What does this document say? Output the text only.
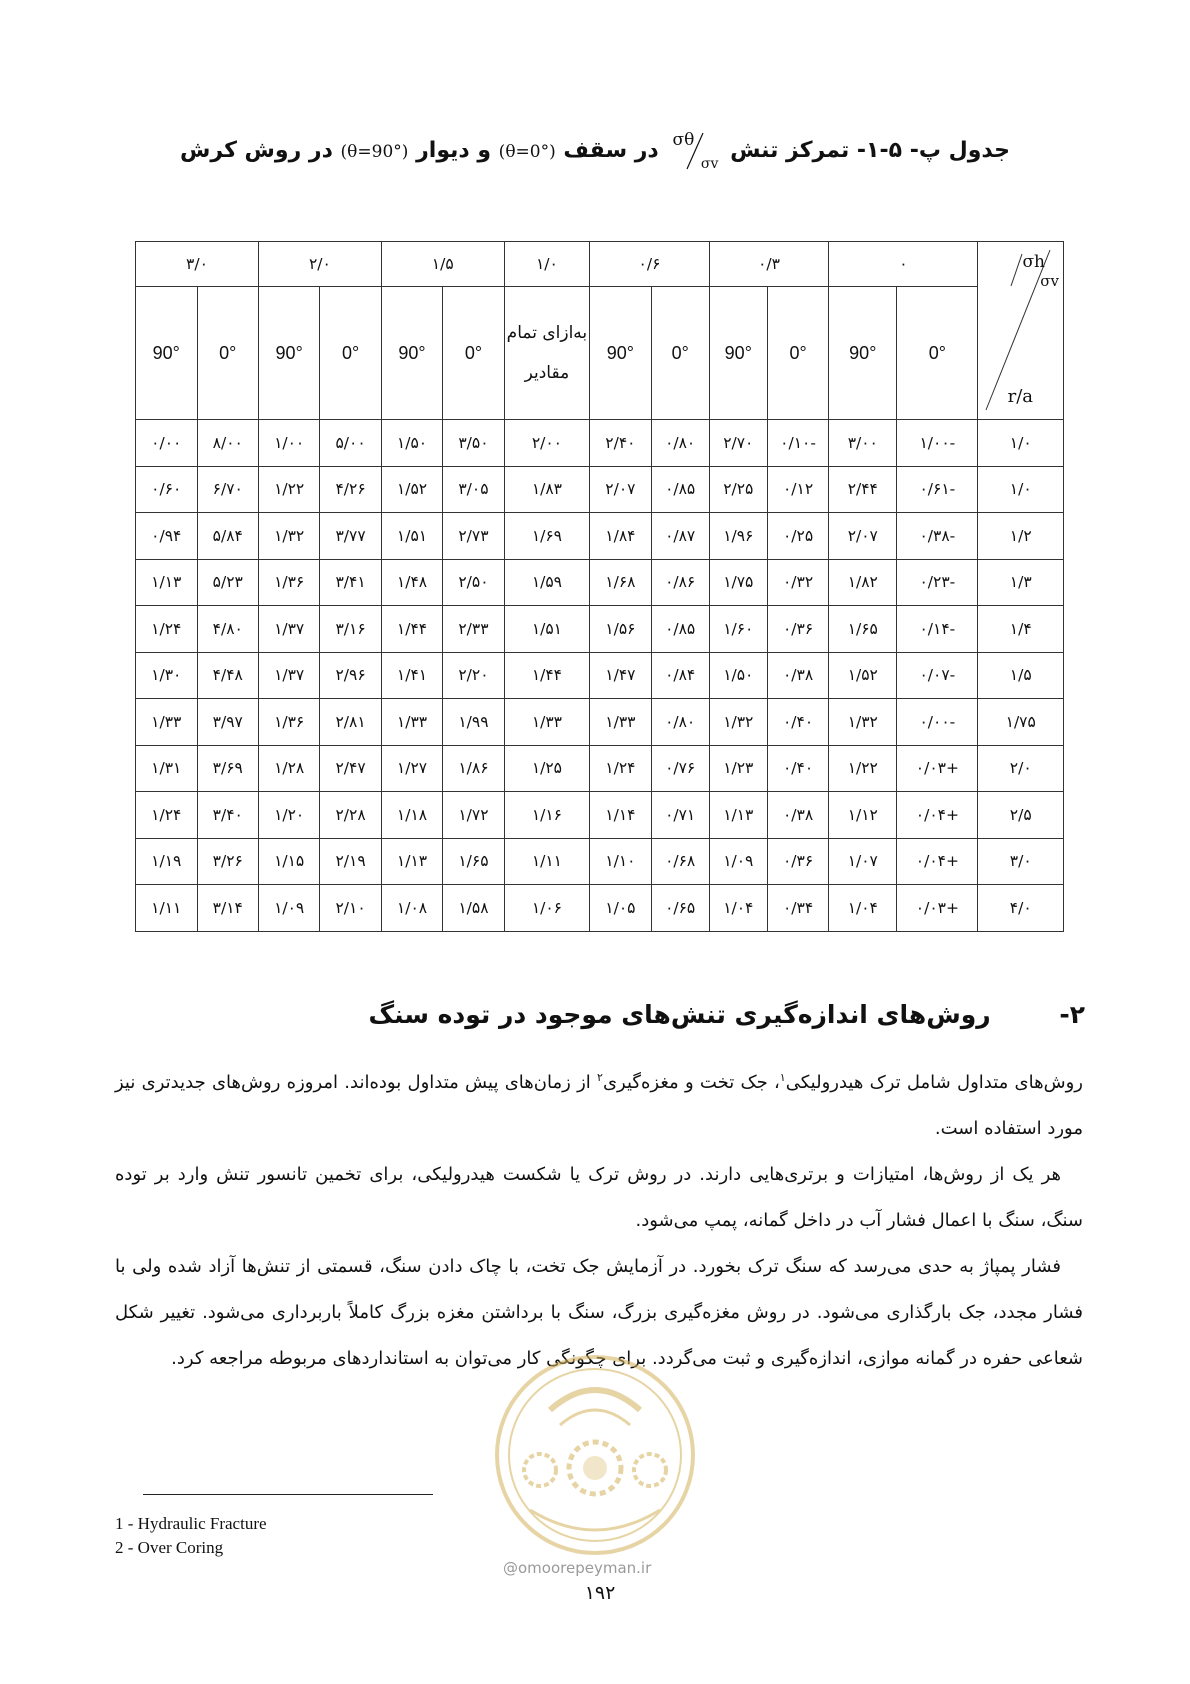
جدول پ- ۵-۱- تمرکز تنش
σθ
σv
در سقف (θ=0°) و دیوار (θ=90°) در روش کرش
σh
σv
r/a	۰		۰/۳		۰/۶		۱/۰	۱/۵		۲/۰		۳/۰	
	0°	90°	0°	90°	0°	90°	به‌ازای تمام مقادیر	0°	90°	0°	90°	0°	90°
۱/۰	-۱/۰۰	۳/۰۰	-۰/۱۰	۲/۷۰	۰/۸۰	۲/۴۰	۲/۰۰	۳/۵۰	۱/۵۰	۵/۰۰	۱/۰۰	۸/۰۰	۰/۰۰
۱/۰	-۰/۶۱	۲/۴۴	۰/۱۲	۲/۲۵	۰/۸۵	۲/۰۷	۱/۸۳	۳/۰۵	۱/۵۲	۴/۲۶	۱/۲۲	۶/۷۰	۰/۶۰
۱/۲	-۰/۳۸	۲/۰۷	۰/۲۵	۱/۹۶	۰/۸۷	۱/۸۴	۱/۶۹	۲/۷۳	۱/۵۱	۳/۷۷	۱/۳۲	۵/۸۴	۰/۹۴
۱/۳	-۰/۲۳	۱/۸۲	۰/۳۲	۱/۷۵	۰/۸۶	۱/۶۸	۱/۵۹	۲/۵۰	۱/۴۸	۳/۴۱	۱/۳۶	۵/۲۳	۱/۱۳
۱/۴	-۰/۱۴	۱/۶۵	۰/۳۶	۱/۶۰	۰/۸۵	۱/۵۶	۱/۵۱	۲/۳۳	۱/۴۴	۳/۱۶	۱/۳۷	۴/۸۰	۱/۲۴
۱/۵	-۰/۰۷	۱/۵۲	۰/۳۸	۱/۵۰	۰/۸۴	۱/۴۷	۱/۴۴	۲/۲۰	۱/۴۱	۲/۹۶	۱/۳۷	۴/۴۸	۱/۳۰
۱/۷۵	-۰/۰۰	۱/۳۲	۰/۴۰	۱/۳۲	۰/۸۰	۱/۳۳	۱/۳۳	۱/۹۹	۱/۳۳	۲/۸۱	۱/۳۶	۳/۹۷	۱/۳۳
۲/۰	+۰/۰۳	۱/۲۲	۰/۴۰	۱/۲۳	۰/۷۶	۱/۲۴	۱/۲۵	۱/۸۶	۱/۲۷	۲/۴۷	۱/۲۸	۳/۶۹	۱/۳۱
۲/۵	+۰/۰۴	۱/۱۲	۰/۳۸	۱/۱۳	۰/۷۱	۱/۱۴	۱/۱۶	۱/۷۲	۱/۱۸	۲/۲۸	۱/۲۰	۳/۴۰	۱/۲۴
۳/۰	+۰/۰۴	۱/۰۷	۰/۳۶	۱/۰۹	۰/۶۸	۱/۱۰	۱/۱۱	۱/۶۵	۱/۱۳	۲/۱۹	۱/۱۵	۳/۲۶	۱/۱۹
۴/۰	+۰/۰۳	۱/۰۴	۰/۳۴	۱/۰۴	۰/۶۵	۱/۰۵	۱/۰۶	۱/۵۸	۱/۰۸	۲/۱۰	۱/۰۹	۳/۱۴	۱/۱۱
۲- روش‌های اندازه‌گیری تنش‌های موجود در توده سنگ

روش‌های متداول شامل ترک هیدرولیکی$^۱$، جک تخت و مغزه‌گیری$^۲$ از زمان‌های پیش متداول بوده‌اند. امروزه روش‌های جدیدتری نیز مورد استفاده است.

هر یک از روش‌ها، امتیازات و برتری‌هایی دارند. در روش ترک یا شکست هیدرولیکی، برای تخمین تانسور تنش وارد بر توده سنگ، سنگ با اعمال فشار آب در داخل گمانه، پمپ می‌شود.

فشار پمپاژ به حدی می‌رسد که سنگ ترک بخورد. در آزمایش جک تخت، با چاک دادن سنگ، قسمتی از تنش‌ها آزاد شده ولی با فشار مجدد، جک بارگذاری می‌شود. در روش مغزه‌گیری بزرگ، سنگ با برداشتن مغزه بزرگ کاملاً باربرداری می‌شود. تغییر شکل شعاعی حفره در گمانه موازی، اندازه‌گیری و ثبت می‌گردد. برای چگونگی کار می‌توان به استانداردهای مربوطه مراجعه کرد.

@omoorepeyman.ir
1 - Hydraulic Fracture
2 - Over Coring
۱۹۲
